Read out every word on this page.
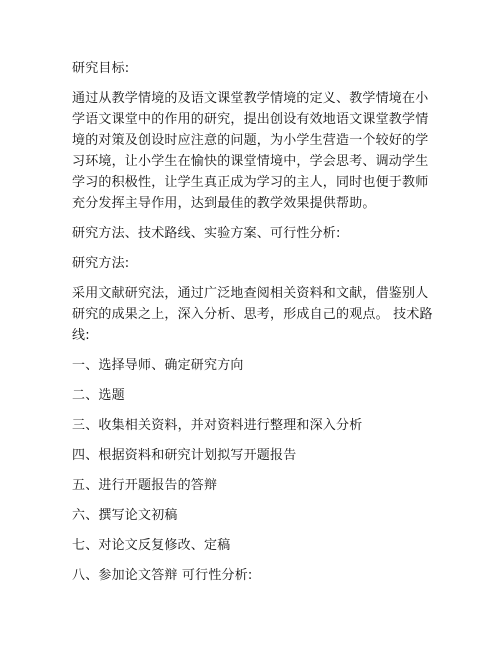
研究目标:

通过从教学情境的及语文课堂教学情境的定义、教学情境在小学语文课堂中的作用的研究，提出创设有效地语文课堂教学情境的对策及创设时应注意的问题，为小学生营造一个较好的学习环境，让小学生在愉快的课堂情境中，学会思考、调动学生学习的积极性，让学生真正成为学习的主人，同时也便于教师充分发挥主导作用，达到最佳的教学效果提供帮助。

研究方法、技术路线、实验方案、可行性分析:

研究方法:

采用文献研究法，通过广泛地查阅相关资料和文献，借鉴别人研究的成果之上，深入分析、思考，形成自己的观点。 技术路线:

一、选择导师、确定研究方向

二、选题

三、收集相关资料，并对资料进行整理和深入分析

四、根据资料和研究计划拟写开题报告

五、进行开题报告的答辩

六、撰写论文初稿

七、对论文反复修改、定稿

八、参加论文答辩 可行性分析:
